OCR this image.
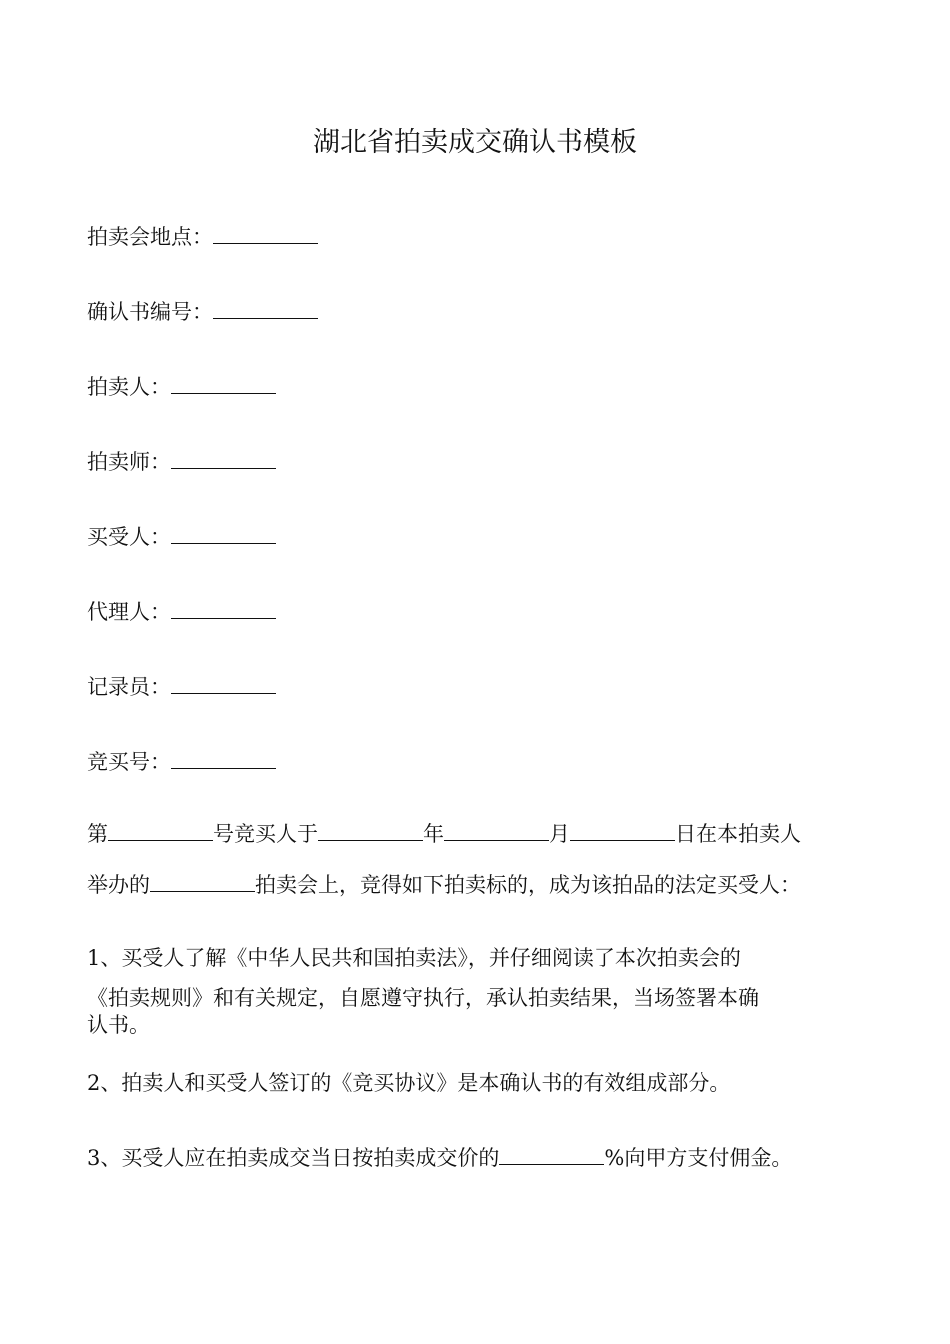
湖北省拍卖成交确认书模板
拍卖会地点：
确认书编号：
拍卖人：
拍卖师：
买受人：
代理人：
记录员：
竞买号：
第	号竞买人于	年	月	日在本拍卖人
举办的	拍卖会上，竞得如下拍卖标的，成为该拍品的法定买受人：
1、买受人了解《中华人民共和国拍卖法》，并仔细阅读了本次拍卖会的
《拍卖规则》和有关规定，自愿遵守执行，承认拍卖结果，当场签署本确
认书。
2、拍卖人和买受人签订的《竞买协议》是本确认书的有效组成部分。
3、买受人应在拍卖成交当日按拍卖成交价的	%向甲方支付佣金。
